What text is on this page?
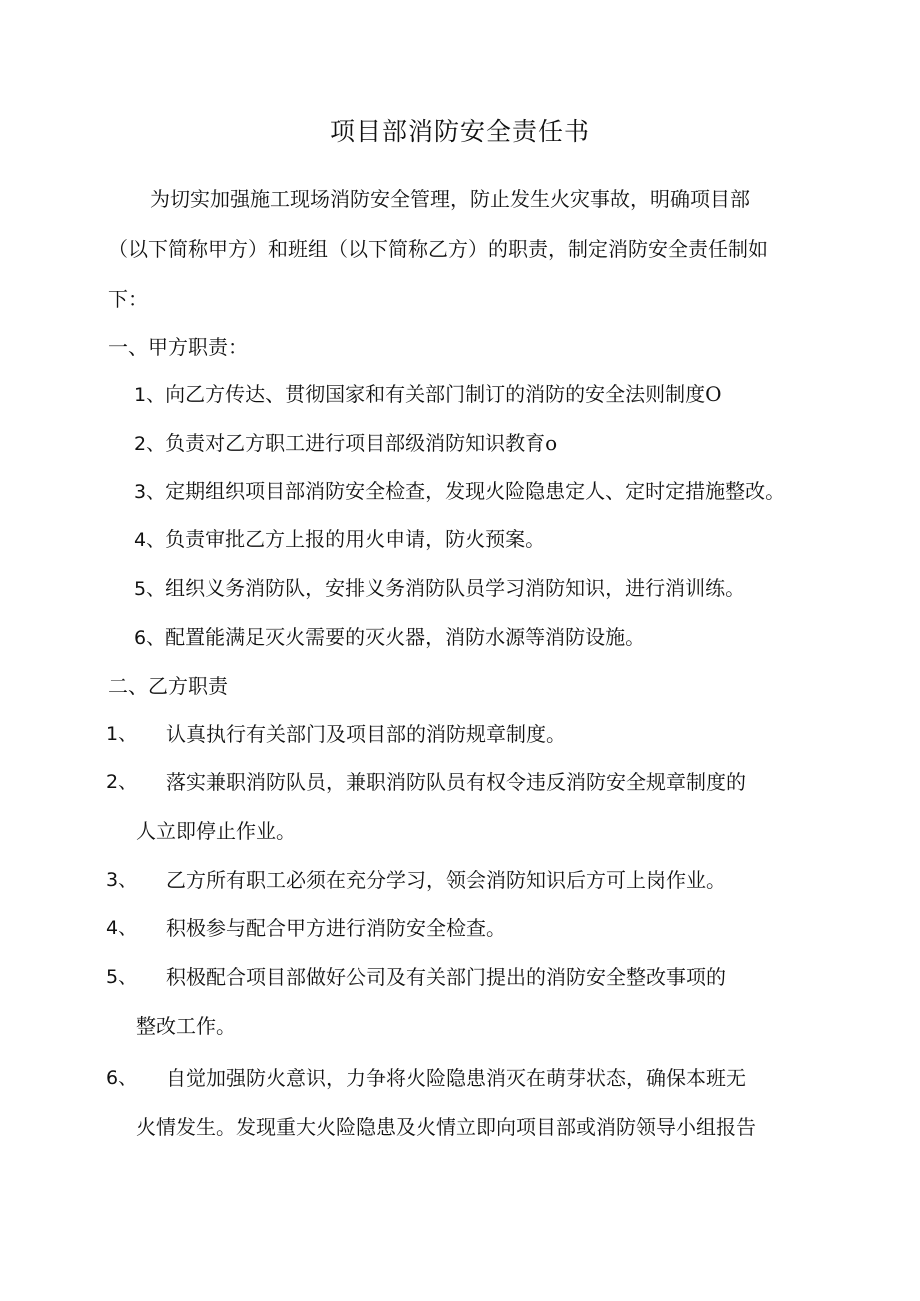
项目部消防安全责任书
为切实加强施工现场消防安全管理，防止发生火灾事故，明确项目部
（以下简称甲方）和班组（以下简称乙方）的职责，制定消防安全责任制如
下：
一、甲方职责：
1、向乙方传达、贯彻国家和有关部门制订的消防的安全法则制度O
2、负责对乙方职工进行项目部级消防知识教育o
3、定期组织项目部消防安全检查，发现火险隐患定人、定时定措施整改。
4、负责审批乙方上报的用火申请，防火预案。
5、组织义务消防队，安排义务消防队员学习消防知识，进行消训练。
6、配置能满足灭火需要的灭火器，消防水源等消防设施。
二、乙方职责
1、 认真执行有关部门及项目部的消防规章制度。
2、 落实兼职消防队员，兼职消防队员有权令违反消防安全规章制度的
人立即停止作业。
3、 乙方所有职工必须在充分学习，领会消防知识后方可上岗作业。
4、 积极参与配合甲方进行消防安全检查。
5、 积极配合项目部做好公司及有关部门提出的消防安全整改事项的
整改工作。
6、 自觉加强防火意识，力争将火险隐患消灭在萌芽状态，确保本班无
火情发生。发现重大火险隐患及火情立即向项目部或消防领导小组报告
